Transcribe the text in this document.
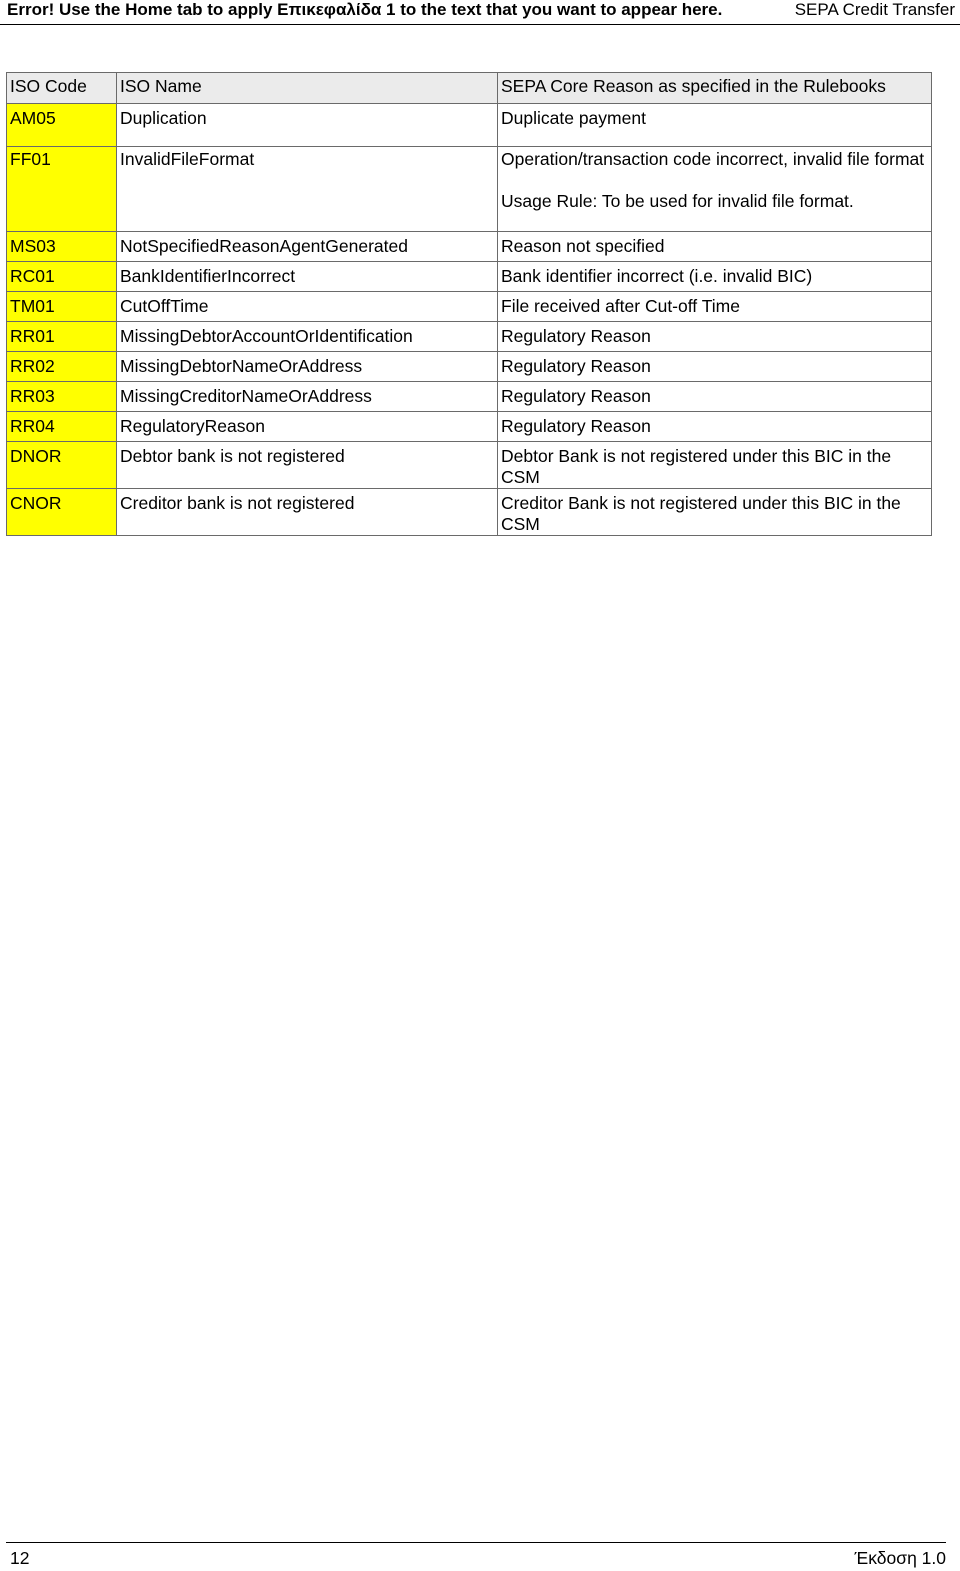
Error! Use the Home tab to apply Επικεφαλίδα 1 to the text that you want to appear here.	SEPA Credit Transfer
ISO Code	ISO Name	SEPA Core Reason as specified in the Rulebooks
AM05	Duplication	Duplicate payment
FF01	InvalidFileFormat	Operation/transaction code incorrect, invalid file format
Usage Rule: To be used for invalid file format.
MS03	NotSpecifiedReasonAgentGenerated	Reason not specified
RC01	BankIdentifierIncorrect	Bank identifier incorrect (i.e. invalid BIC)
TM01	CutOffTime	File received after Cut-off Time
RR01	MissingDebtorAccountOrIdentification	Regulatory Reason
RR02	MissingDebtorNameOrAddress	Regulatory Reason
RR03	MissingCreditorNameOrAddress	Regulatory Reason
RR04	RegulatoryReason	Regulatory Reason
DNOR	Debtor bank is not registered	Debtor Bank is not registered under this BIC in the CSM
CNOR	Creditor bank is not registered	Creditor Bank is not registered under this BIC in the CSM
12	Έκδοση 1.0
